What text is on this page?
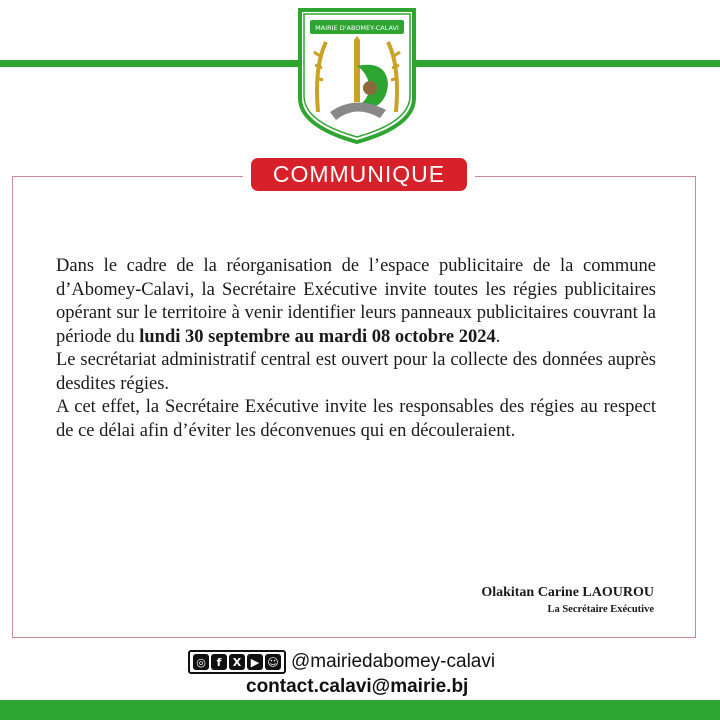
MAIRIE D'ABOMEY-CALAVI
COMMUNIQUE

Dans le cadre de la réorganisation de l’espace publicitaire de la commune d’Abomey-Calavi, la Secrétaire Exécutive invite toutes les régies publicitaires opérant sur le territoire à venir identifier leurs panneaux publicitaires couvrant la période du lundi 30 septembre au mardi 08 octobre 2024.

Le secrétariat administratif central est ouvert pour la collecte des données auprès desdites régies.

A cet effet, la Secrétaire Exécutive invite les responsables des régies au respect de ce délai afin d’éviter les déconvenues qui en découleraient.

Olakitan Carine LAOUROU
La Secrétaire Exécutive
◎ f	X ▶ ☺ @mairiedabomey-calavi
contact.calavi@mairie.bj
